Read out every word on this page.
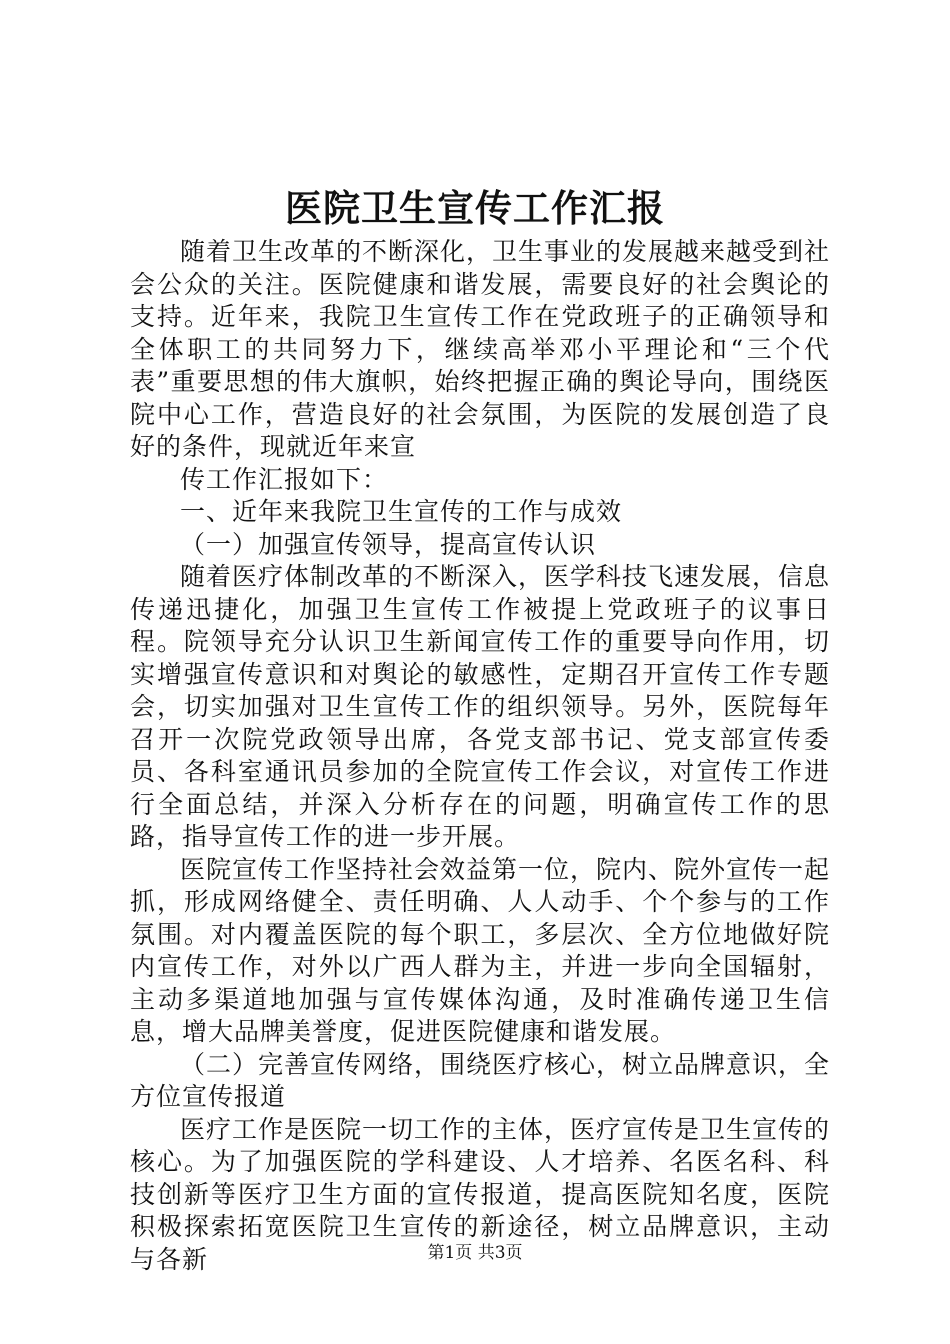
医院卫生宣传工作汇报

随着卫生改革的不断深化，卫生事业的发展越来越受到社会公众的关注。医院健康和谐发展，需要良好的社会舆论的支持。近年来，我院卫生宣传工作在党政班子的正确领导和全体职工的共同努力下，继续高举邓小平理论和“三个代表”重要思想的伟大旗帜，始终把握正确的舆论导向，围绕医院中心工作，营造良好的社会氛围，为医院的发展创造了良好的条件，现就近年来宣

传工作汇报如下：

一、近年来我院卫生宣传的工作与成效

（一）加强宣传领导，提高宣传认识

随着医疗体制改革的不断深入，医学科技飞速发展，信息传递迅捷化，加强卫生宣传工作被提上党政班子的议事日程。院领导充分认识卫生新闻宣传工作的重要导向作用，切实增强宣传意识和对舆论的敏感性，定期召开宣传工作专题会，切实加强对卫生宣传工作的组织领导。另外，医院每年召开一次院党政领导出席，各党支部书记、党支部宣传委员、各科室通讯员参加的全院宣传工作会议，对宣传工作进行全面总结，并深入分析存在的问题，明确宣传工作的思路，指导宣传工作的进一步开展。

医院宣传工作坚持社会效益第一位，院内、院外宣传一起抓，形成网络健全、责任明确、人人动手、个个参与的工作氛围。对内覆盖医院的每个职工，多层次、全方位地做好院内宣传工作，对外以广西人群为主，并进一步向全国辐射，主动多渠道地加强与宣传媒体沟通，及时准确传递卫生信息，增大品牌美誉度，促进医院健康和谐发展。

（二）完善宣传网络，围绕医疗核心，树立品牌意识，全方位宣传报道

医疗工作是医院一切工作的主体，医疗宣传是卫生宣传的核心。为了加强医院的学科建设、人才培养、名医名科、科技创新等医疗卫生方面的宣传报道，提高医院知名度，医院积极探索拓宽医院卫生宣传的新途径，树立品牌意识，主动与各新	第1页 共3页
